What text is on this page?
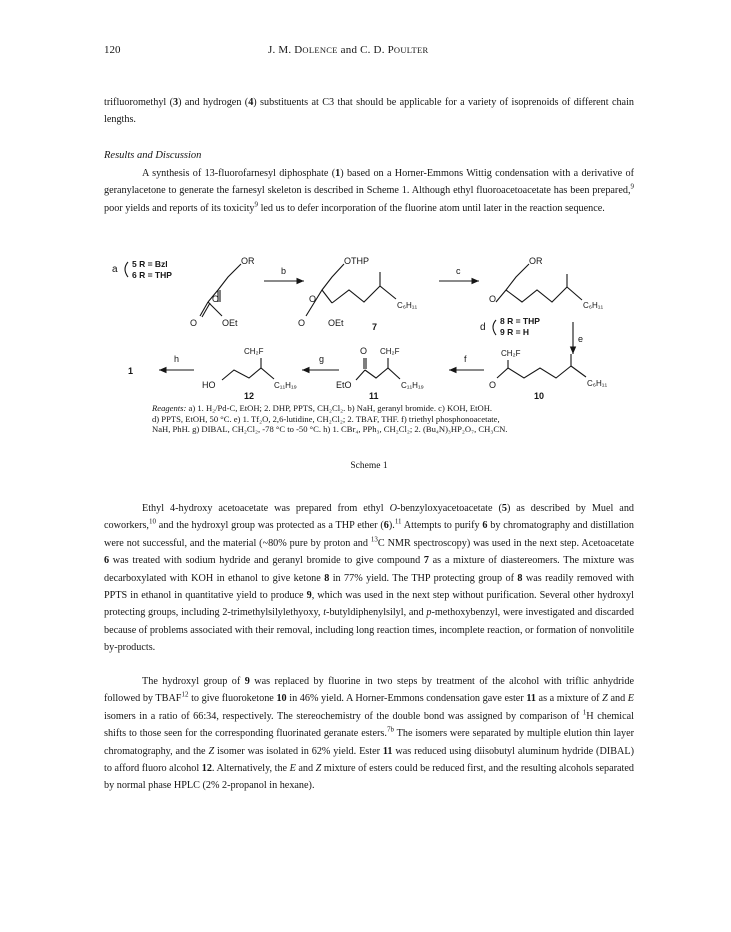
120	J. M. DOLENCE and C. D. POULTER
trifluoromethyl (3) and hydrogen (4) substituents at C3 that should be applicable for a variety of isoprenoids of different chain lengths.
Results and Discussion
A synthesis of 13-fluorofarnesyl diphosphate (1) based on a Horner-Emmons Wittig condensation with a derivative of geranylacetone to generate the farnesyl skeleton is described in Scheme 1. Although ethyl fluoroacetoacetate has been prepared,$^9$ poor yields and reports of its toxicity$^9$ led us to defer incorporation of the fluorine atom until later in the reaction sequence.
a 5 R = Bzl
6 R = THP
OR
O
O	OEt
b
OTHP
O
C₆H₁₁
O	OEt	7
c
OR
O
C₆H₁₁
d
8 R = THP
9 R = H
e
CH₂F
O	C₆H₁₁
10
f
O CH₂F
EtO	C₁₁H₁₉
11
g
CH₂F
HO	C₁₁H₁₉
12
h
1
Reagents: a) 1. H₂/Pd-C, EtOH; 2. DHP, PPTS, CH₂Cl₂. b) NaH, geranyl bromide. c) KOH, EtOH.
d) PPTS, EtOH, 50 °C. e) 1. Tf₂O, 2,6-lutidine, CH₂Cl₂; 2. TBAF, THF. f) triethyl phosphonoacetate,
NaH, PhH. g) DIBAL, CH₂Cl₂, -78 °C to -50 °C. h) 1. CBr₄, PPh₃, CH₂Cl₂; 2. (Bu₄N)₃HP₂O₇, CH₃CN.
Scheme 1
Ethyl 4-hydroxy acetoacetate was prepared from ethyl O-benzyloxyacetoacetate (5) as described by Muel and coworkers,$^{10}$ and the hydroxyl group was protected as a THP ether (6).$^{11}$ Attempts to purify 6 by chromatography and distillation were not successful, and the material (~80% pure by proton and $^{13}$C NMR spectroscopy) was used in the next step. Acetoacetate 6 was treated with sodium hydride and geranyl bromide to give compound 7 as a mixture of diastereomers. The mixture was decarboxylated with KOH in ethanol to give ketone 8 in 77% yield. The THP protecting group of 8 was readily removed with PPTS in ethanol in quantitative yield to produce 9, which was used in the next step without purification. Several other hydroxyl protecting groups, including 2-trimethylsilylethyoxy, t-butyldiphenylsilyl, and p-methoxybenzyl, were investigated and discarded because of problems associated with their removal, including long reaction times, incomplete reaction, or formation of nonvolitile by-products.
The hydroxyl group of 9 was replaced by fluorine in two steps by treatment of the alcohol with triflic anhydride followed by TBAF$^{12}$ to give fluoroketone 10 in 46% yield. A Horner-Emmons condensation gave ester 11 as a mixture of Z and E isomers in a ratio of 66:34, respectively. The stereochemistry of the double bond was assigned by comparison of $^1$H chemical shifts to those seen for the corresponding fluorinated geranate esters.$^{7b}$ The isomers were separated by multiple elution thin layer chromatography, and the Z isomer was isolated in 62% yield. Ester 11 was reduced using diisobutyl aluminum hydride (DIBAL) to afford fluoro alcohol 12. Alternatively, the E and Z mixture of esters could be reduced first, and the resulting alcohols separated by normal phase HPLC (2% 2-propanol in hexane).
